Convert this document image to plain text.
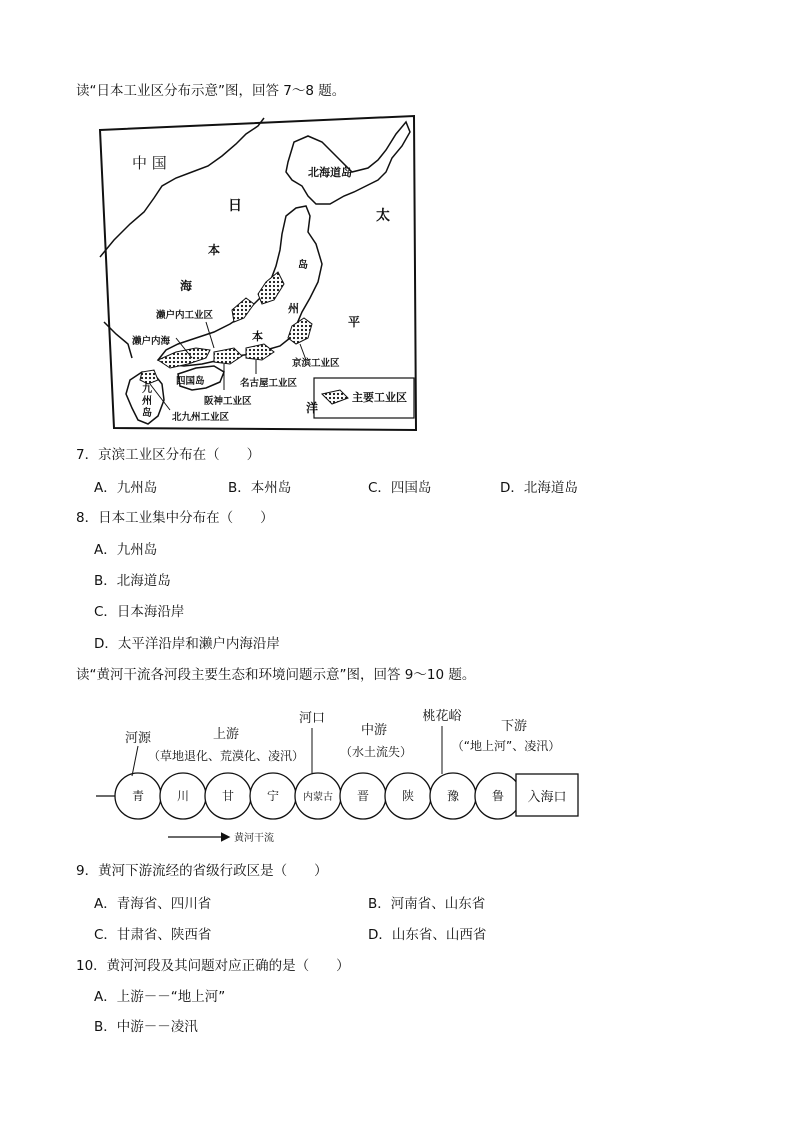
读“日本工业区分布示意”图，回答 7～8 题。
主要工业区
中 国
日
本
海
太
平
洋
北海道岛
岛
州
本
濑户内工业区
濑户内海
四国岛
九
州
岛
京滨工业区
名古屋工业区
阪神工业区
北九州工业区
7．京滨工业区分布在（　　）
A．九州岛	B．本州岛	C．四国岛	D．北海道岛
8．日本工业集中分布在（　　）
A．九州岛
B．北海道岛
C．日本海沿岸
D．太平洋沿岸和濑户内海沿岸
读“黄河干流各河段主要生态和环境问题示意”图，回答 9～10 题。
青	川	甘	宁 内蒙古 晋	陕	豫	鲁 入海口
河源	上游
（草地退化、荒漠化、凌汛）
河口
中游
（水土流失）
桃花峪
下游
（“地上河”、凌汛）
黄河干流
9．黄河下游流经的省级行政区是（　　）
A．青海省、四川省	B．河南省、山东省
C．甘肃省、陕西省	D．山东省、山西省
10．黄河河段及其问题对应正确的是（　　）
A．上游－－“地上河”
B．中游－－凌汛
